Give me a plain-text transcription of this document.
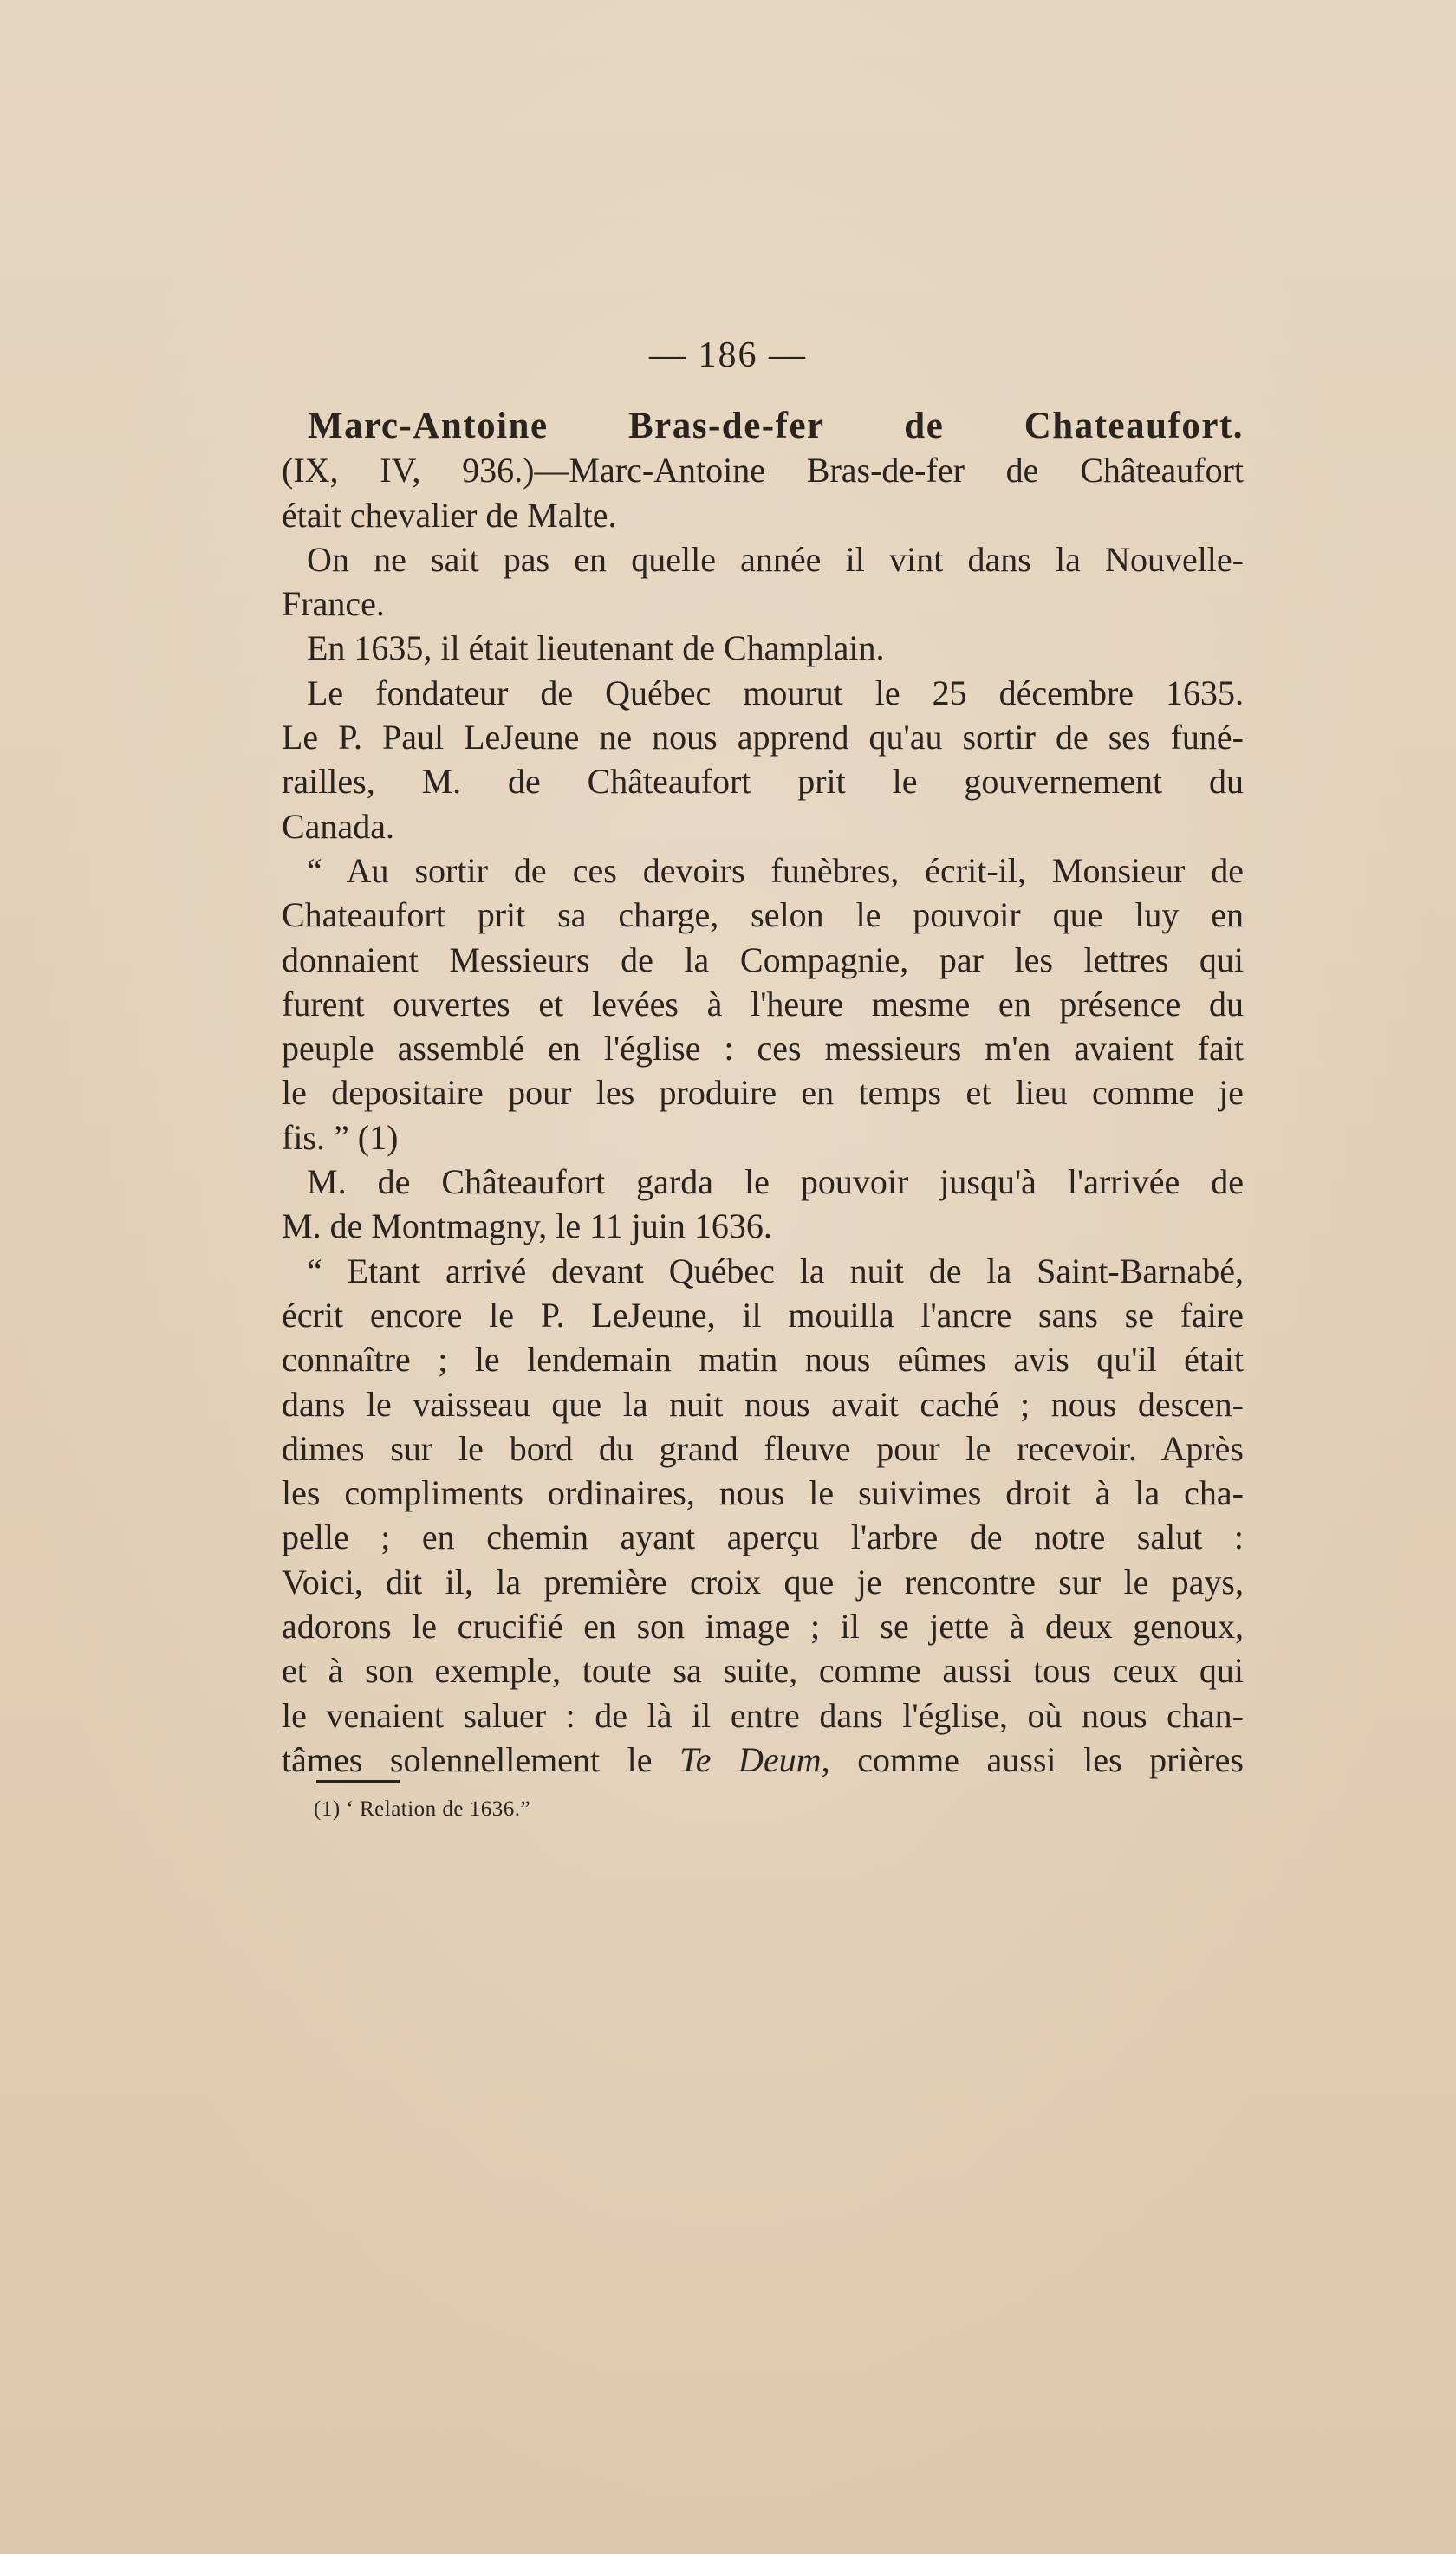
— 186 —
Marc-Antoine Bras-de-fer de Chateaufort.
(IX, IV, 936.)—Marc-Antoine Bras-de-fer de Châteaufort
était chevalier de Malte.
On ne sait pas en quelle année il vint dans la Nouvelle-
France.
En 1635, il était lieutenant de Champlain.
Le fondateur de Québec mourut le 25 décembre 1635.
Le P. Paul LeJeune ne nous apprend qu'au sortir de ses funé-
railles, M. de Châteaufort prit le gouvernement du
Canada.
“ Au sortir de ces devoirs funèbres, écrit-il, Monsieur de
Chateaufort prit sa charge, selon le pouvoir que luy en
donnaient Messieurs de la Compagnie, par les lettres qui
furent ouvertes et levées à l'heure mesme en présence du
peuple assemblé en l'église : ces messieurs m'en avaient fait
le depositaire pour les produire en temps et lieu comme je
fis. ” (1)
M. de Châteaufort garda le pouvoir jusqu'à l'arrivée de
M. de Montmagny, le 11 juin 1636.
“ Etant arrivé devant Québec la nuit de la Saint-Barnabé,
écrit encore le P. LeJeune, il mouilla l'ancre sans se faire
connaître ; le lendemain matin nous eûmes avis qu'il était
dans le vaisseau que la nuit nous avait caché ; nous descen-
dimes sur le bord du grand fleuve pour le recevoir. Après
les compliments ordinaires, nous le suivimes droit à la cha-
pelle ; en chemin ayant aperçu l'arbre de notre salut :
Voici, dit il, la première croix que je rencontre sur le pays,
adorons le crucifié en son image ; il se jette à deux genoux,
et à son exemple, toute sa suite, comme aussi tous ceux qui
le venaient saluer : de là il entre dans l'église, où nous chan-
tâmes solennellement le Te Deum, comme aussi les prières
(1) ‘ Relation de 1636.”
